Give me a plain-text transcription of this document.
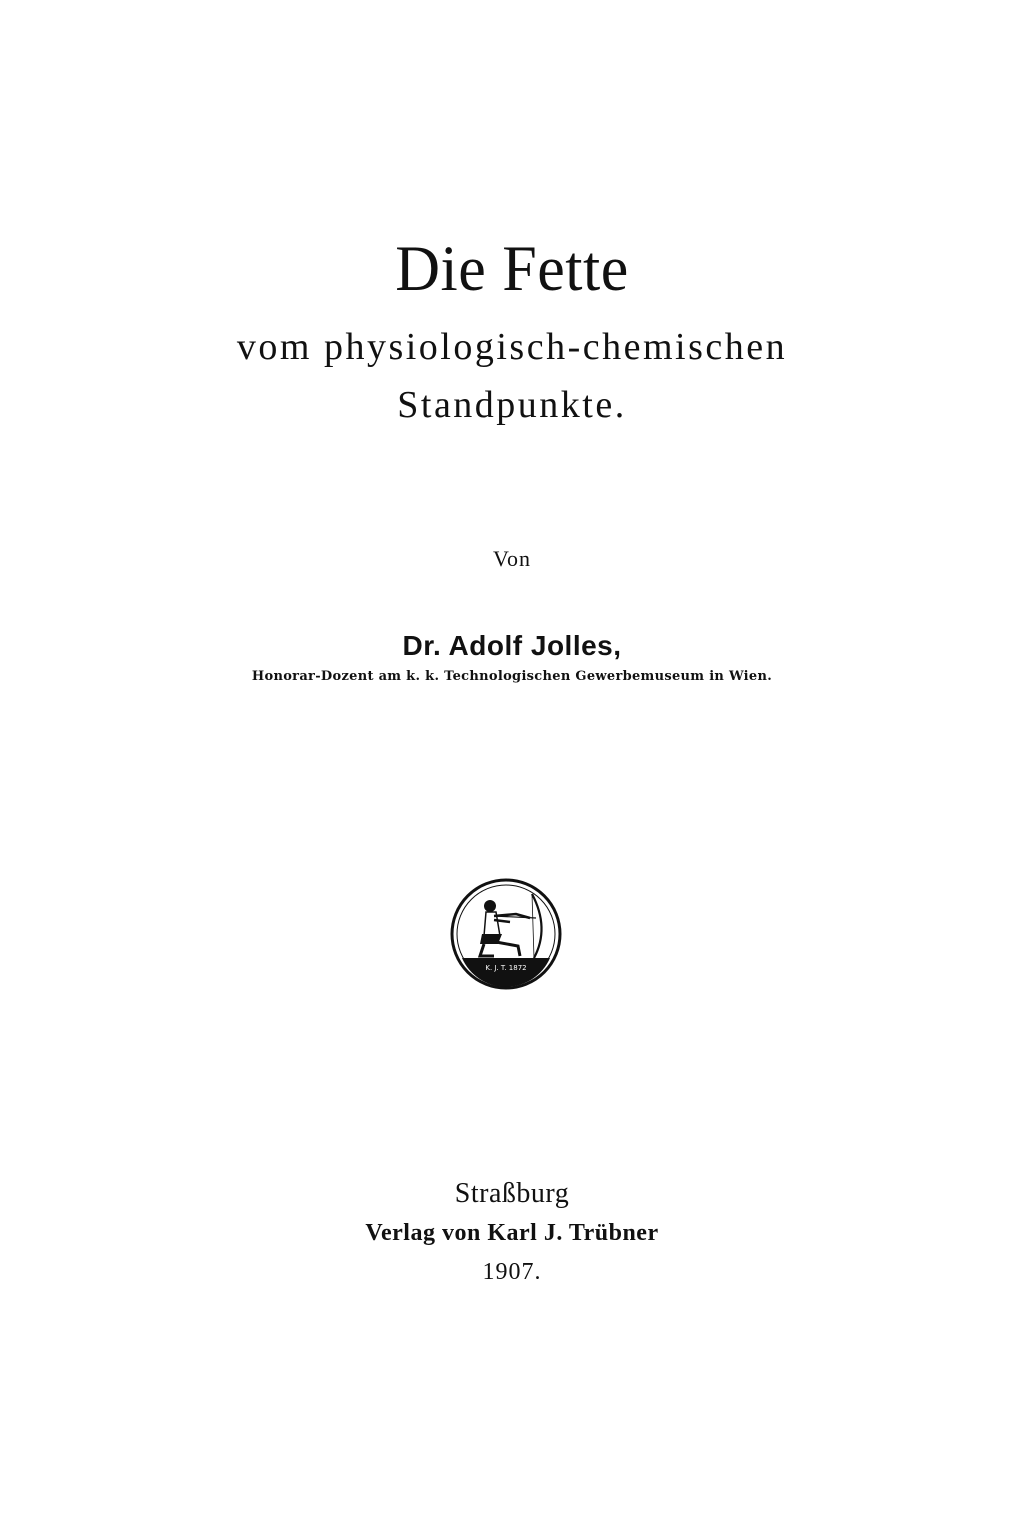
Die Fette
vom physiologisch-chemischen
Standpunkte.
Von
Dr. Adolf Jolles,
Honorar-Dozent am k. k. Technologischen Gewerbemuseum in Wien.
K. J. T. 1872
Straßburg
Verlag von Karl J. Trübner
1907.
